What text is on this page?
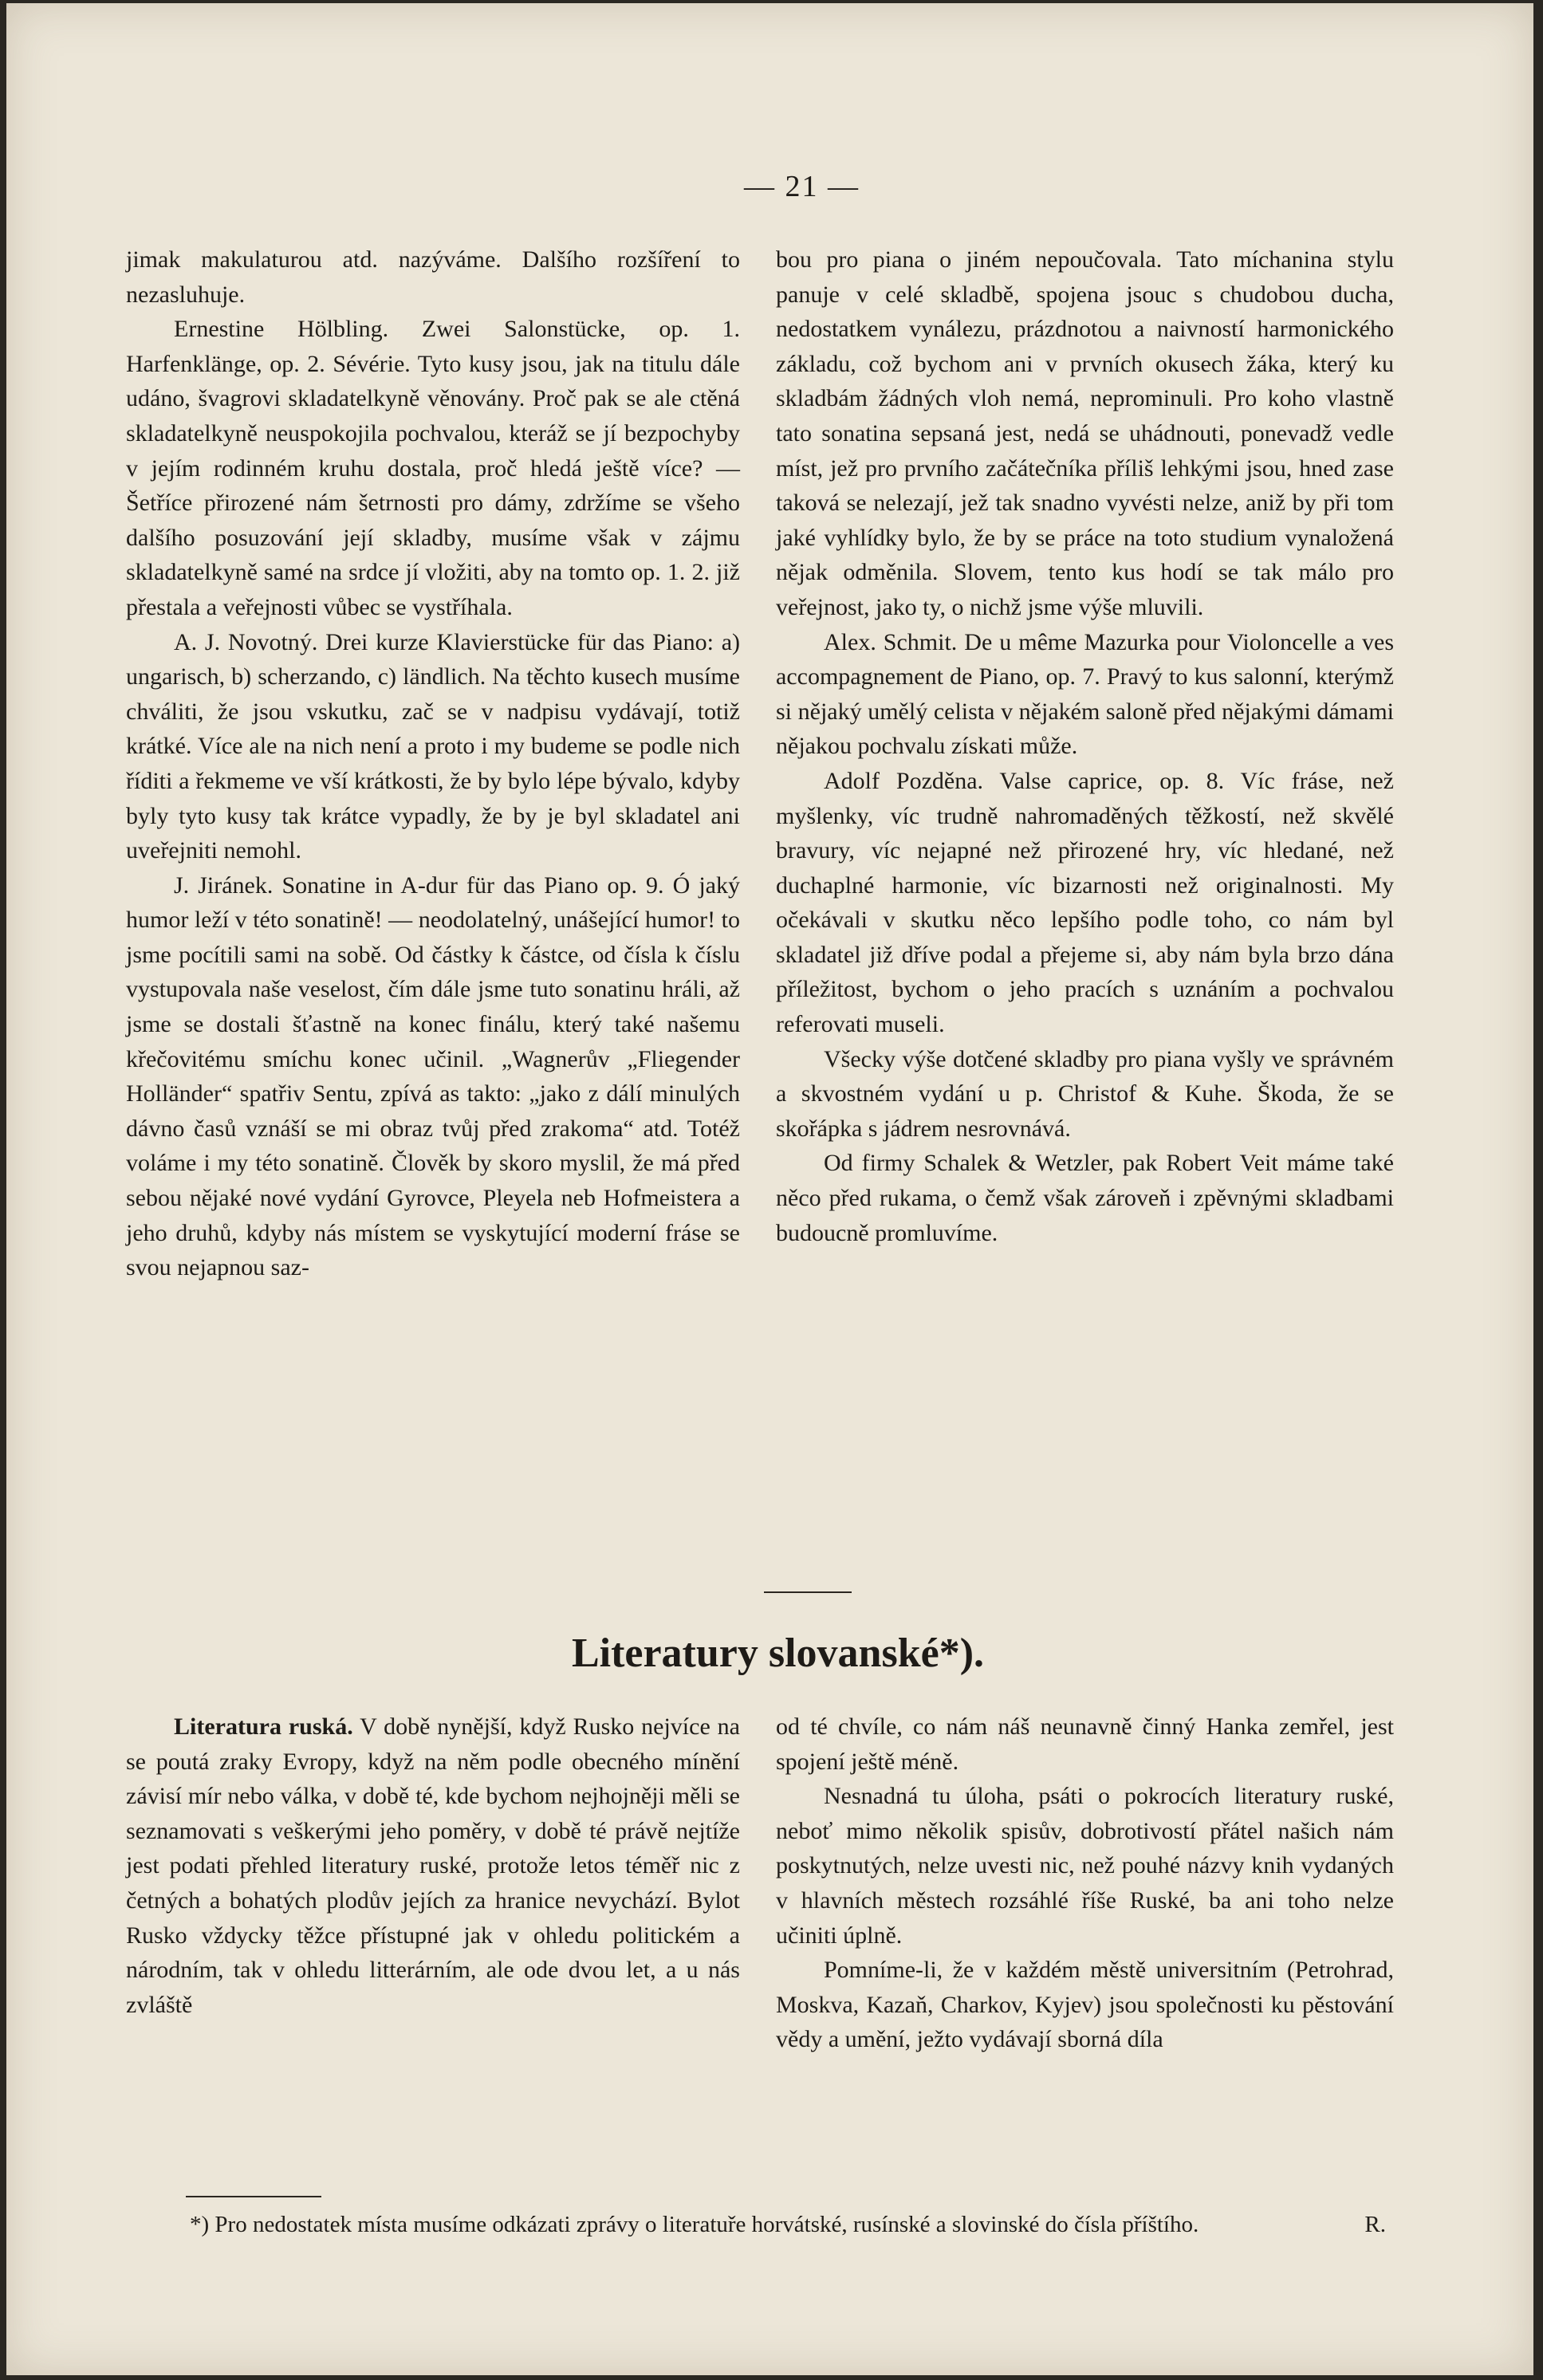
— 21 —

jimak makulaturou atd. nazýváme. Dalšího rozšíření to nezasluhuje.

Ernestine Hölbling. Zwei Salonstücke, op. 1. Harfenklänge, op. 2. Sévérie. Tyto kusy jsou, jak na titulu dále udáno, švagrovi skladatelkyně věnovány. Proč pak se ale ctěná skladatelkyně neuspokojila pochvalou, kteráž se jí bezpochyby v jejím rodinném kruhu dostala, proč hledá ještě více? — Šetříce přirozené nám šetrnosti pro dámy, zdržíme se všeho dalšího posuzování její skladby, musíme však v zájmu skladatelkyně samé na srdce jí vložiti, aby na tomto op. 1. 2. již přestala a veřejnosti vůbec se vystříhala.

A. J. Novotný. Drei kurze Klavierstücke für das Piano: a) ungarisch, b) scherzando, c) ländlich. Na těchto kusech musíme chváliti, že jsou vskutku, zač se v nadpisu vydávají, totiž krátké. Více ale na nich není a proto i my budeme se podle nich říditi a řekmeme ve vší krátkosti, že by bylo lépe bývalo, kdyby byly tyto kusy tak krátce vypadly, že by je byl skladatel ani uveřejniti nemohl.

J. Jiránek. Sonatine in A-dur für das Piano op. 9. Ó jaký humor leží v této sonatině! — neodolatelný, unášející humor! to jsme pocítili sami na sobě. Od částky k částce, od čísla k číslu vystupovala naše veselost, čím dále jsme tuto sonatinu hráli, až jsme se dostali šťastně na konec finálu, který také našemu křečovitému smíchu konec učinil. „Wagnerův „Fliegender Holländer“ spatřiv Sentu, zpívá as takto: „jako z dálí minulých dávno časů vznáší se mi obraz tvůj před zrakoma“ atd. Totéž voláme i my této sonatině. Člověk by skoro myslil, že má před sebou nějaké nové vydání Gyrovce, Pleyela neb Hofmeistera a jeho druhů, kdyby nás místem se vyskytující moderní fráse se svou nejapnou saz-

bou pro piana o jiném nepoučovala. Tato míchanina stylu panuje v celé skladbě, spojena jsouc s chudobou ducha, nedostatkem vynálezu, prázdnotou a naivností harmonického základu, což bychom ani v prvních okusech žáka, který ku skladbám žádných vloh nemá, neprominuli. Pro koho vlastně tato sonatina sepsaná jest, nedá se uhádnouti, ponevadž vedle míst, jež pro prvního začátečníka příliš lehkými jsou, hned zase taková se nelezají, jež tak snadno vyvésti nelze, aniž by při tom jaké vyhlídky bylo, že by se práce na toto studium vynaložená nějak odměnila. Slovem, tento kus hodí se tak málo pro veřejnost, jako ty, o nichž jsme výše mluvili.

Alex. Schmit. De u même Mazurka pour Violoncelle a ves accompagnement de Piano, op. 7. Pravý to kus salonní, kterýmž si nějaký umělý celista v nějakém saloně před nějakými dámami nějakou pochvalu získati může.

Adolf Pozděna. Valse caprice, op. 8. Víc fráse, než myšlenky, víc trudně nahromaděných těžkostí, než skvělé bravury, víc nejapné než přirozené hry, víc hledané, než duchaplné harmonie, víc bizarnosti než originalnosti. My očekávali v skutku něco lepšího podle toho, co nám byl skladatel již dříve podal a přejeme si, aby nám byla brzo dána příležitost, bychom o jeho pracích s uznáním a pochvalou referovati museli.

Všecky výše dotčené skladby pro piana vyšly ve správném a skvostném vydání u p. Christof & Kuhe. Škoda, že se skořápka s jádrem nesrovnává.

Od firmy Schalek & Wetzler, pak Robert Veit máme také něco před rukama, o čemž však zároveň i zpěvnými skladbami budoucně promluvíme.

Literatury slovanské*).

Literatura ruská. V době nynější, když Rusko nejvíce na se poutá zraky Evropy, když na něm podle obecného mínění závisí mír nebo válka, v době té, kde bychom nejhojněji měli se seznamovati s veškerými jeho poměry, v době té právě nejtíže jest podati přehled literatury ruské, protože letos téměř nic z četných a bohatých plodův jejích za hranice nevychází. Bylot Rusko vždycky těžce přístupné jak v ohledu politickém a národním, tak v ohledu litterárním, ale ode dvou let, a u nás zvláště

od té chvíle, co nám náš neunavně činný Hanka zemřel, jest spojení ještě méně.

Nesnadná tu úloha, psáti o pokrocích literatury ruské, neboť mimo několik spisův, dobrotivostí přátel našich nám poskytnutých, nelze uvesti nic, než pouhé názvy knih vydaných v hlavních městech rozsáhlé říše Ruské, ba ani toho nelze učiniti úplně.

Pomníme-li, že v každém městě universitním (Petrohrad, Moskva, Kazaň, Charkov, Kyjev) jsou společnosti ku pěstování vědy a umění, ježto vydávají sborná díla

*) Pro nedostatek místa musíme odkázati zprávy o literatuře horvátské, rusínské a slovinské do čísla příštího.	R.
